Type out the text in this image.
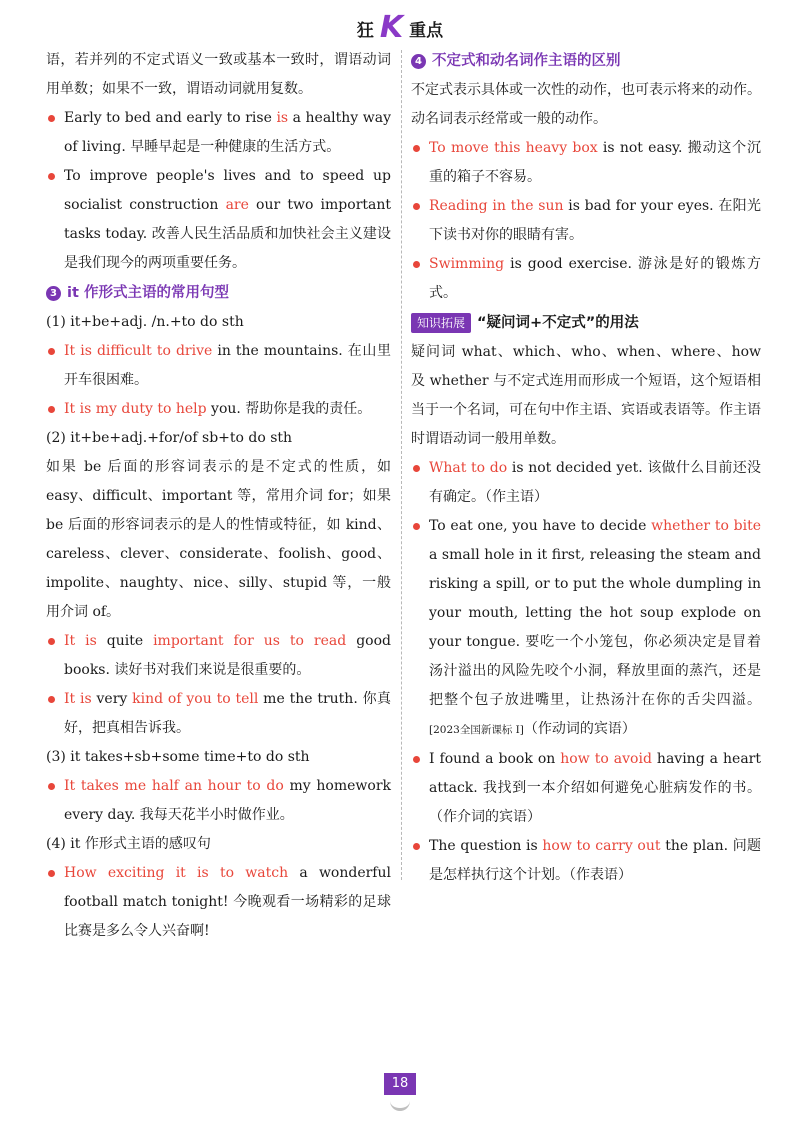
狂 K 重点

语，若并列的不定式语义一致或基本一致时，谓语动词用单数；如果不一致，谓语动词就用复数。

Early to bed and early to rise is a healthy way of living. 早睡早起是一种健康的生活方式。
To improve people's lives and to speed up socialist construction are our two important tasks today. 改善人民生活品质和加快社会主义建设是我们现今的两项重要任务。
3 it 作形式主语的常用句型

(1) it+be+adj. /n.+to do sth

It is difficult to drive in the mountains. 在山里开车很困难。
It is my duty to help you. 帮助你是我的责任。

(2) it+be+adj.+for/of sb+to do sth

如果 be 后面的形容词表示的是不定式的性质，如 easy、difficult、important 等，常用介词 for；如果 be 后面的形容词表示的是人的性情或特征，如 kind、careless、clever、considerate、foolish、good、impolite、naughty、nice、silly、stupid 等，一般用介词 of。

It is quite important for us to read good books. 读好书对我们来说是很重要的。
It is very kind of you to tell me the truth. 你真好，把真相告诉我。

(3) it takes+sb+some time+to do sth

It takes me half an hour to do my homework every day. 我每天花半小时做作业。

(4) it 作形式主语的感叹句

How exciting it is to watch a wonderful football match tonight! 今晚观看一场精彩的足球比赛是多么令人兴奋啊!
4 不定式和动名词作主语的区别

不定式表示具体或一次性的动作，也可表示将来的动作。动名词表示经常或一般的动作。

To move this heavy box is not easy. 搬动这个沉重的箱子不容易。
Reading in the sun is bad for your eyes. 在阳光下读书对你的眼睛有害。
Swimming is good exercise. 游泳是好的锻炼方式。
知识拓展 “疑问词+不定式”的用法

疑问词 what、which、who、when、where、how 及 whether 与不定式连用而形成一个短语，这个短语相当于一个名词，可在句中作主语、宾语或表语等。作主语时谓语动词一般用单数。

What to do is not decided yet. 该做什么目前还没有确定。（作主语）
To eat one, you have to decide whether to bite a small hole in it first, releasing the steam and risking a spill, or to put the whole dumpling in your mouth, letting the hot soup explode on your tongue. 要吃一个小笼包，你必须决定是冒着汤汁溢出的风险先咬个小洞，释放里面的蒸汽，还是把整个包子放进嘴里，让热汤汁在你的舌尖四溢。[2023全国新课标 I]（作动词的宾语）
I found a book on how to avoid having a heart attack. 我找到一本介绍如何避免心脏病发作的书。（作介词的宾语）
The question is how to carry out the plan. 问题是怎样执行这个计划。（作表语）
18
